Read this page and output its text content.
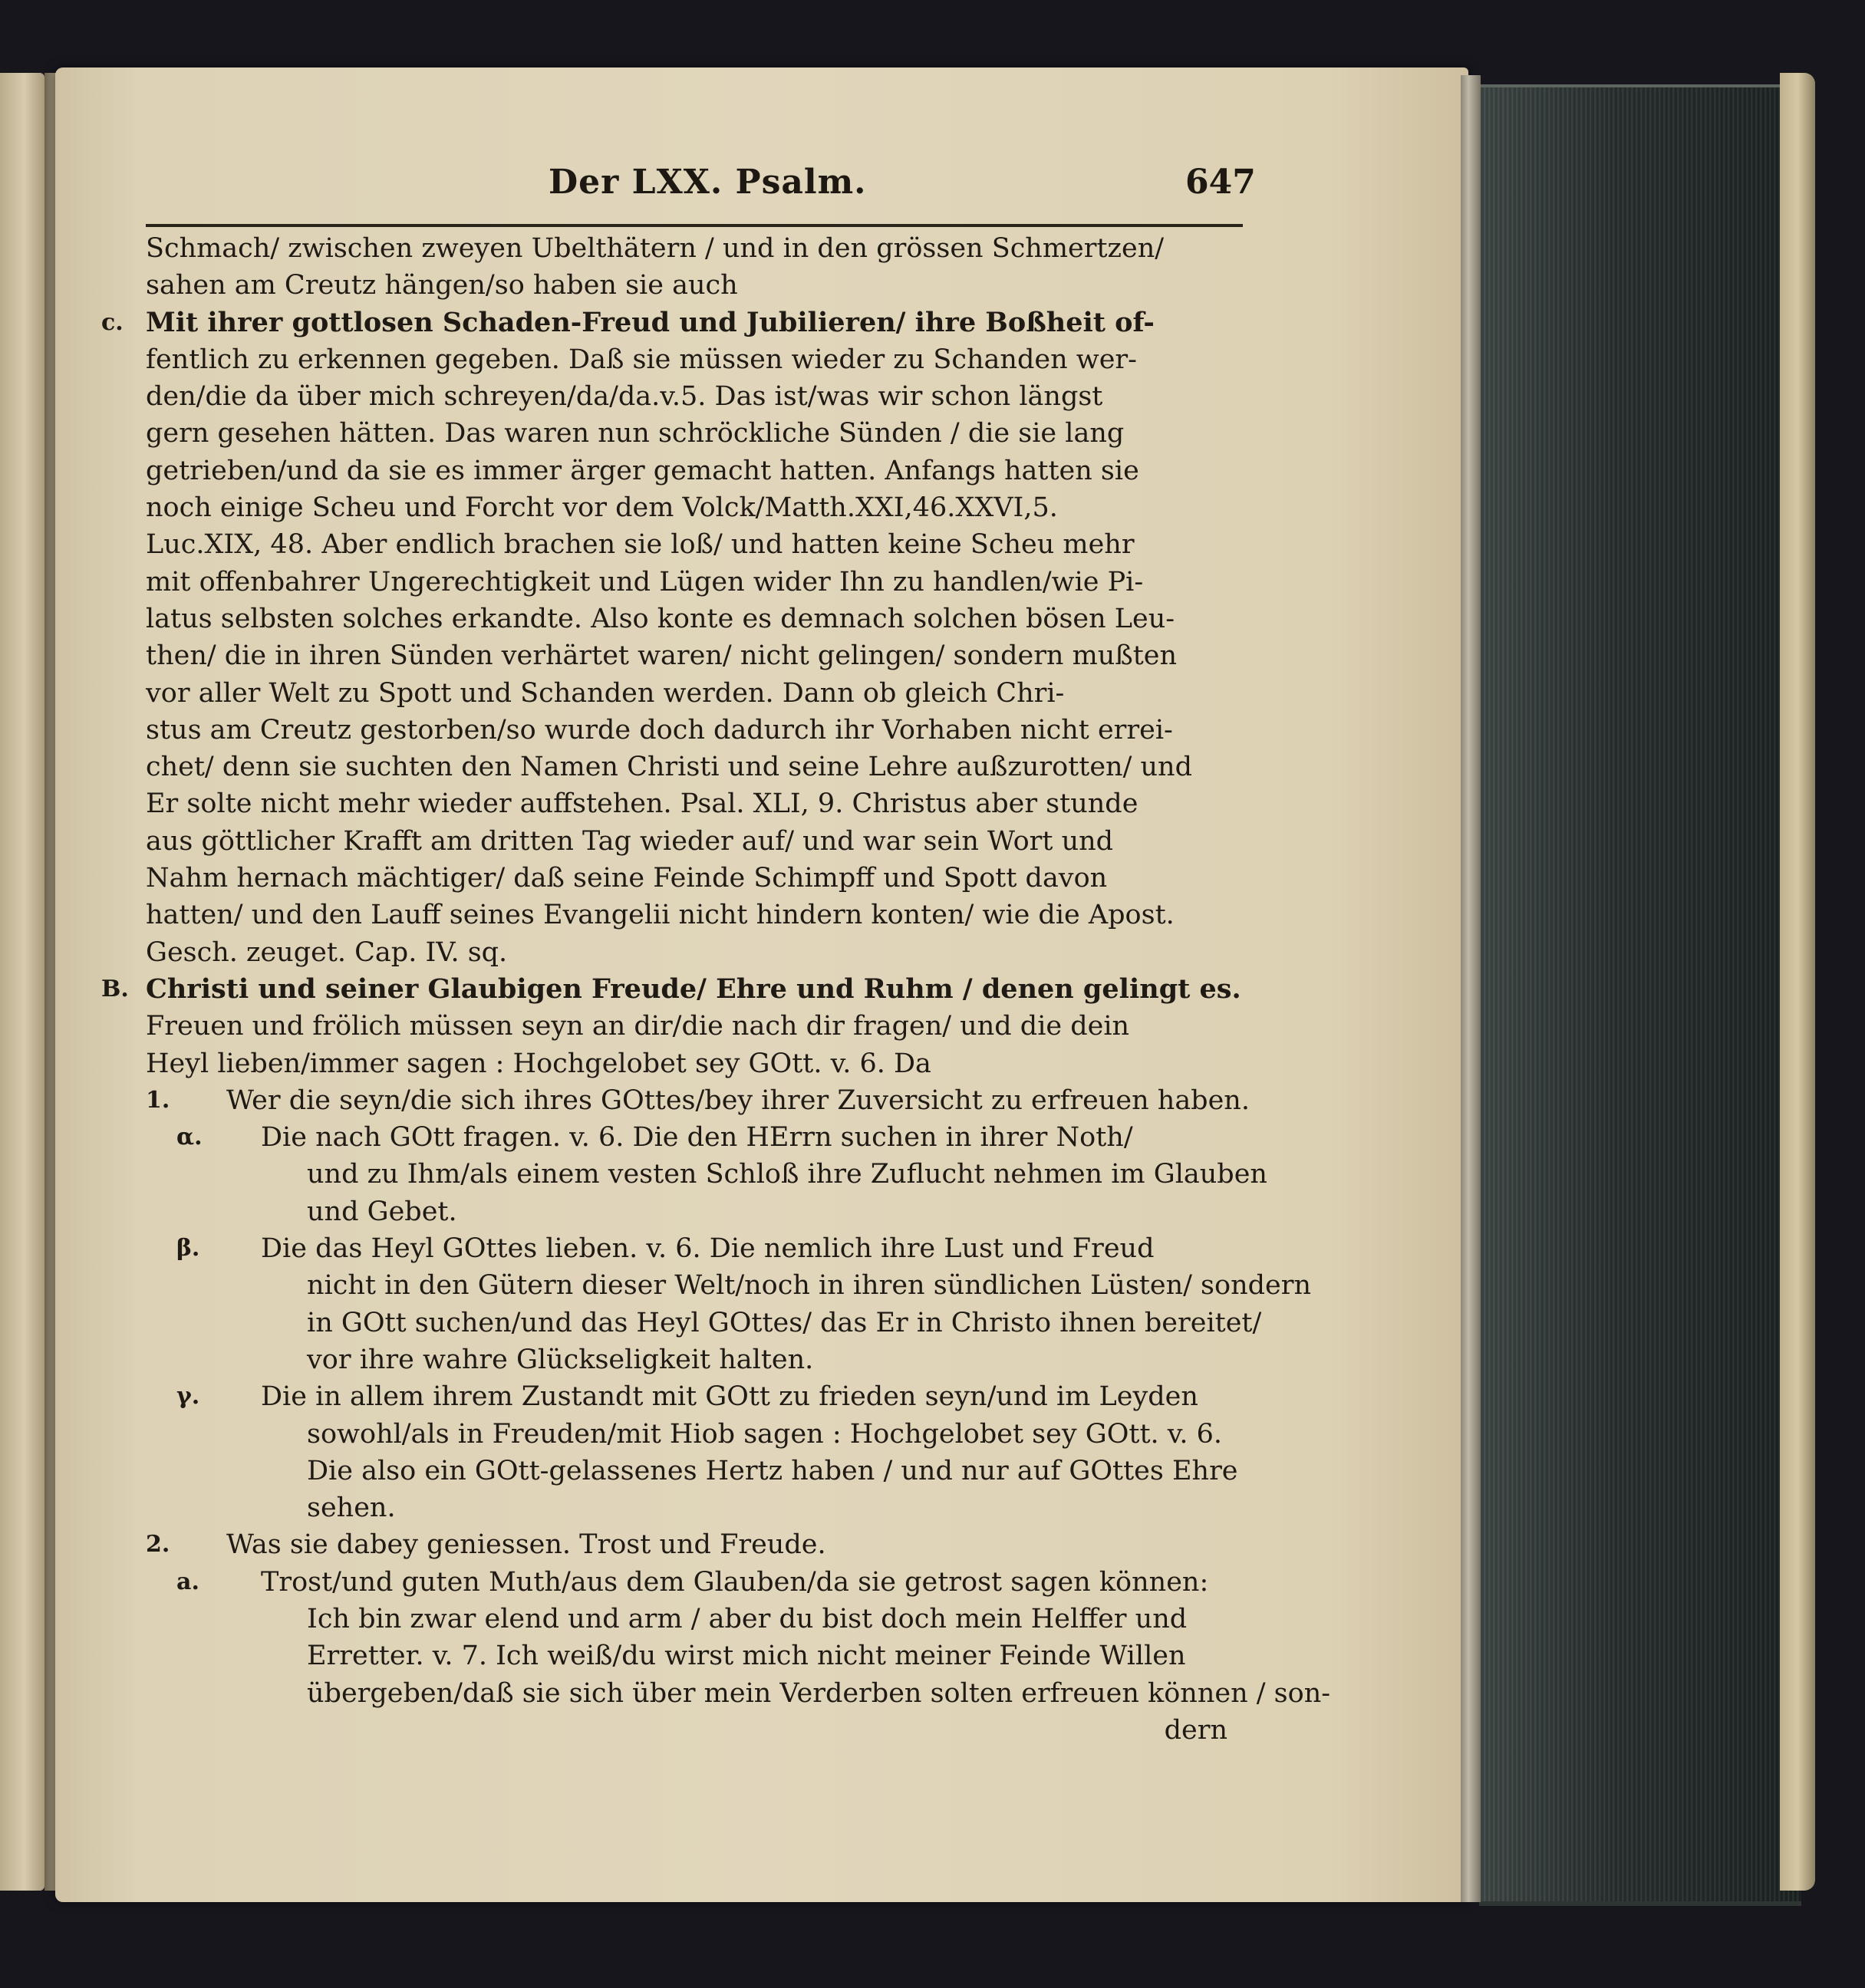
Der LXX. Psalm.	647
Schmach/ zwischen zweyen Ubelthätern / und in den grössen Schmertzen/
sahen am Creutz hängen/so haben sie auch
c. Mit ihrer gottlosen Schaden-Freud und Jubilieren/ ihre Boßheit of-
fentlich zu erkennen gegeben. Daß sie müssen wieder zu Schanden wer-
den/die da über mich schreyen/da/da.v.5. Das ist/was wir schon längst
gern gesehen hätten. Das waren nun schröckliche Sünden / die sie lang
getrieben/und da sie es immer ärger gemacht hatten. Anfangs hatten sie
noch einige Scheu und Forcht vor dem Volck/Matth.XXI,46.XXVI,5.
Luc.XIX, 48. Aber endlich brachen sie loß/ und hatten keine Scheu mehr
mit offenbahrer Ungerechtigkeit und Lügen wider Ihn zu handlen/wie Pi-
latus selbsten solches erkandte. Also konte es demnach solchen bösen Leu-
then/ die in ihren Sünden verhärtet waren/ nicht gelingen/ sondern mußten
vor aller Welt zu Spott und Schanden werden. Dann ob gleich Chri-
stus am Creutz gestorben/so wurde doch dadurch ihr Vorhaben nicht errei-
chet/ denn sie suchten den Namen Christi und seine Lehre außzurotten/ und
Er solte nicht mehr wieder auffstehen. Psal. XLI, 9. Christus aber stunde
aus göttlicher Krafft am dritten Tag wieder auf/ und war sein Wort und
Nahm hernach mächtiger/ daß seine Feinde Schimpff und Spott davon
hatten/ und den Lauff seines Evangelii nicht hindern konten/ wie die Apost.
Gesch. zeuget. Cap. IV. sq.
B. Christi und seiner Glaubigen Freude/ Ehre und Ruhm / denen gelingt es.
Freuen und frölich müssen seyn an dir/die nach dir fragen/ und die dein
Heyl lieben/immer sagen : Hochgelobet sey GOtt. v. 6. Da
1. Wer die seyn/die sich ihres GOttes/bey ihrer Zuversicht zu erfreuen haben.
α. Die nach GOtt fragen. v. 6. Die den HErrn suchen in ihrer Noth/
und zu Ihm/als einem vesten Schloß ihre Zuflucht nehmen im Glauben
und Gebet.
β. Die das Heyl GOttes lieben. v. 6. Die nemlich ihre Lust und Freud
nicht in den Gütern dieser Welt/noch in ihren sündlichen Lüsten/ sondern
in GOtt suchen/und das Heyl GOttes/ das Er in Christo ihnen bereitet/
vor ihre wahre Glückseligkeit halten.
γ. Die in allem ihrem Zustandt mit GOtt zu frieden seyn/und im Leyden
sowohl/als in Freuden/mit Hiob sagen : Hochgelobet sey GOtt. v. 6.
Die also ein GOtt-gelassenes Hertz haben / und nur auf GOttes Ehre
sehen.
2. Was sie dabey geniessen. Trost und Freude.
a. Trost/und guten Muth/aus dem Glauben/da sie getrost sagen können:
Ich bin zwar elend und arm / aber du bist doch mein Helffer und
Erretter. v. 7. Ich weiß/du wirst mich nicht meiner Feinde Willen
übergeben/daß sie sich über mein Verderben solten erfreuen können / son-
dern
